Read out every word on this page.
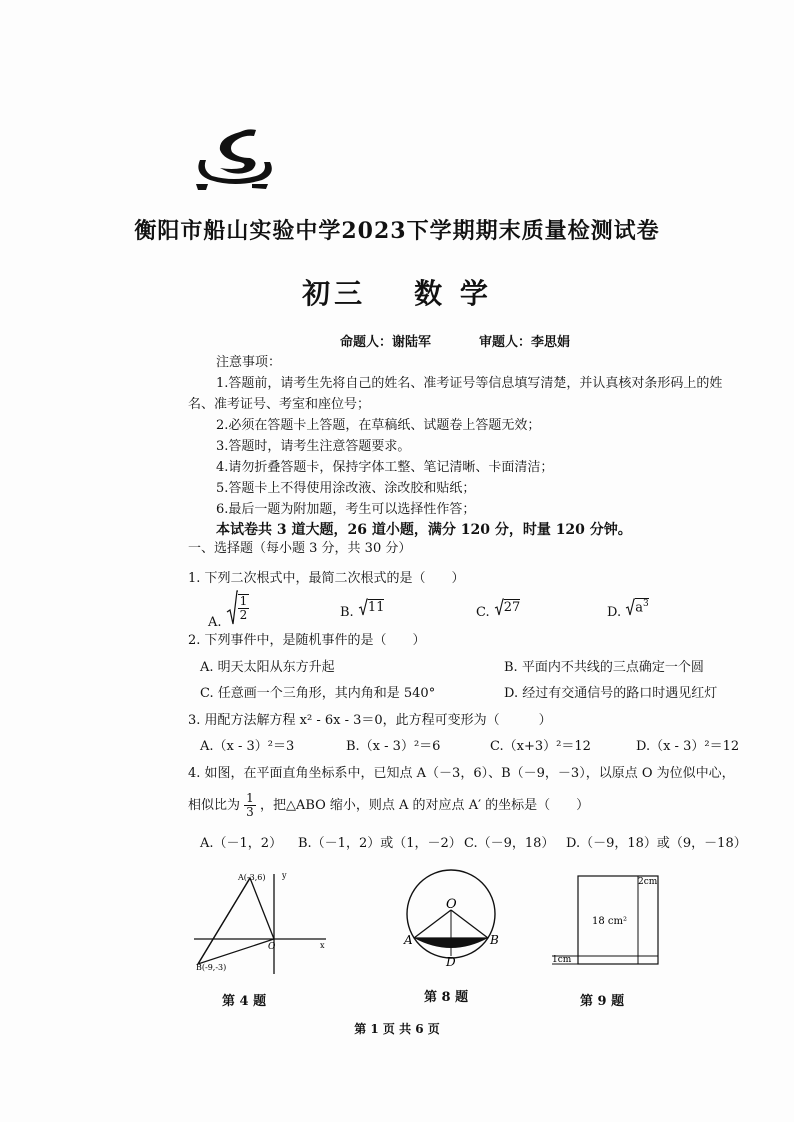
衡阳市船山实验中学2023下学期期末质量检测试卷
初三 数 学
命题人：谢陆军	审题人：李思娟
注意事项：
1.答题前，请考生先将自己的姓名、准考证号等信息填写清楚，并认真核对条形码上的姓
名、准考证号、考室和座位号；
2.必须在答题卡上答题，在草稿纸、试题卷上答题无效；
3.答题时，请考生注意答题要求。
4.请勿折叠答题卡，保持字体工整、笔记清晰、卡面清洁；
5.答题卡上不得使用涂改液、涂改胶和贴纸；
6.最后一题为附加题，考生可以选择性作答；
本试卷共 3 道大题，26 道小题，满分 120 分，时量 120 分钟。
一、选择题（每小题 3 分，共 30 分）
1. 下列二次根式中，最简二次根式的是（　　）
A.
$\frac{1}{2}$	B. 11	C. 27	D. $a^3$
2. 下列事件中，是随机事件的是（　　）
A. 明天太阳从东方升起	B. 平面内不共线的三点确定一个圆
C. 任意画一个三角形，其内角和是 540°	D. 经过有交通信号的路口时遇见红灯
3. 用配方法解方程 x² - 6x - 3＝0，此方程可变形为（　　　）
A.（x - 3）²＝3	B.（x - 3）²＝6	C.（x+3）²＝12	D.（x - 3）²＝12
4. 如图，在平面直角坐标系中，已知点 A（－3，6）、B（－9，－3），以原点 O 为位似中心，
相似比为 $\frac{1}{3}$ ，把△ABO 缩小，则点 A 的对应点 A′ 的坐标是（　　）
A.（－1，2） B.（－1，2）或（1，－2） C.（－9，18） D.（－9，18）或（9，－18）
A(-3,6)
B(-9,-3)
y
x
O
第 4 题
O
A	B
D
第 8 题
2cm
18 cm²
1cm
第 9 题
第 1 页 共 6 页
